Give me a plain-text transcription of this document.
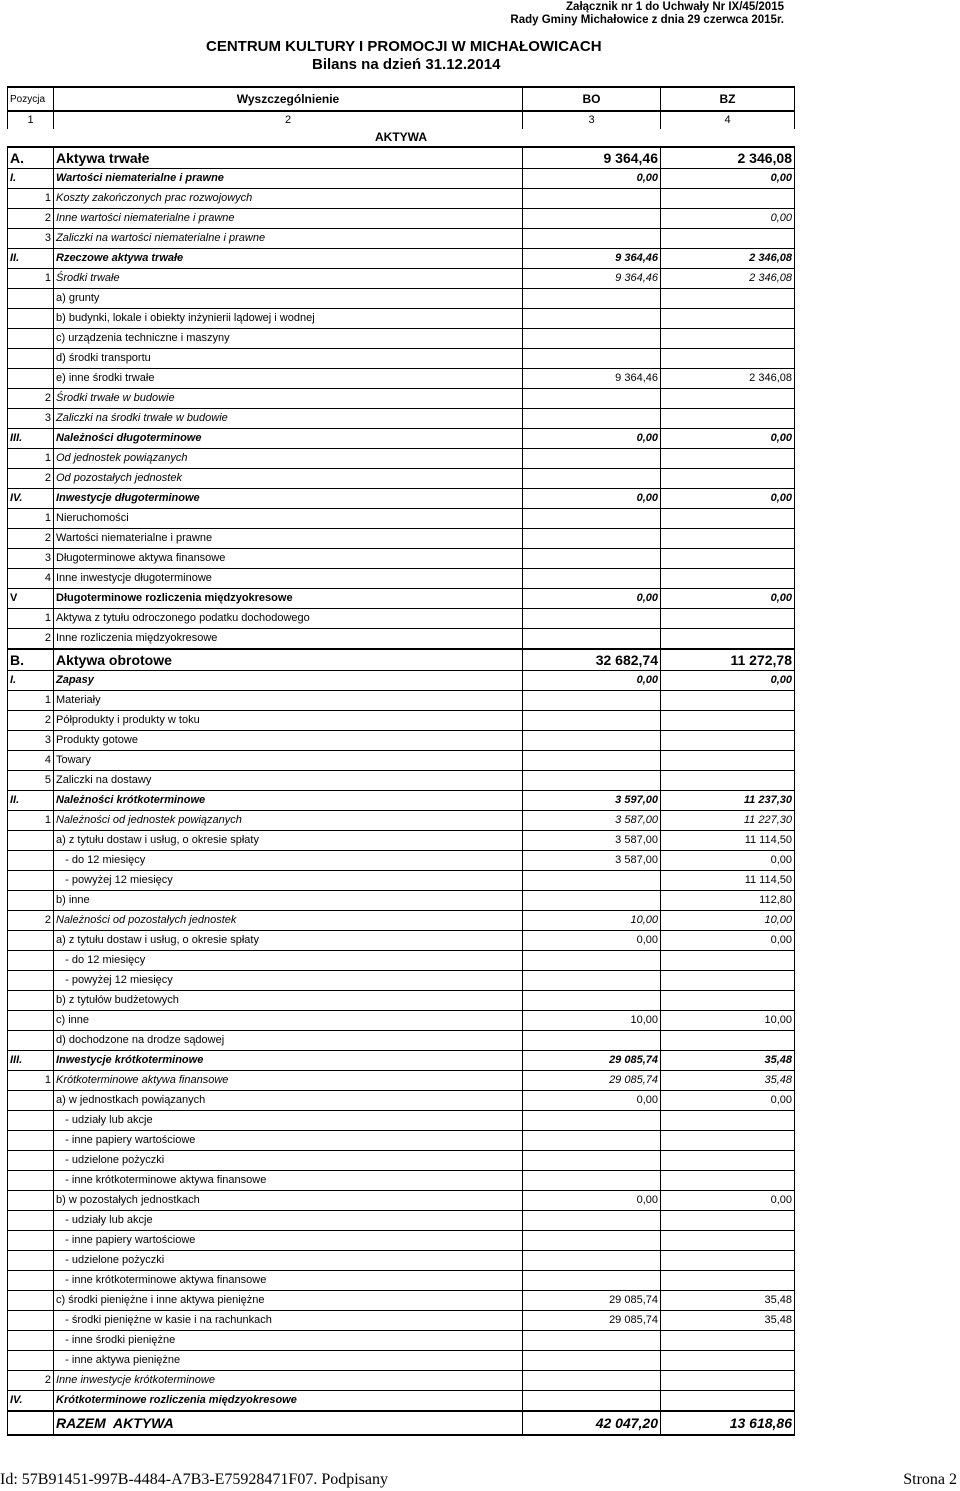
Załącznik nr 1 do Uchwały Nr IX/45/2015
Rady Gminy Michałowice z dnia 29 czerwca 2015r.
CENTRUM KULTURY I PROMOCJI W MICHAŁOWICACH
Bilans na dzień 31.12.2014
Pozycja	Wyszczególnienie	BO	BZ
1	2	3	4
AKTYWA			
A.	Aktywa trwałe	9 364,46	2 346,08
I.	Wartości niematerialne i prawne	0,00	0,00
1	Koszty zakończonych prac rozwojowych		
2	Inne wartości niematerialne i prawne		0,00
3	Zaliczki na wartości niematerialne i prawne		
II.	Rzeczowe aktywa trwałe	9 364,46	2 346,08
1	Środki trwałe	9 364,46	2 346,08
	a) grunty		
	b) budynki, lokale i obiekty inżynierii lądowej i wodnej		
	c) urządzenia techniczne i maszyny		
	d) środki transportu		
	e) inne środki trwałe	9 364,46	2 346,08
2	Środki trwałe w budowie		
3	Zaliczki na środki trwałe w budowie		
III.	Należności długoterminowe	0,00	0,00
1	Od jednostek powiązanych		
2	Od pozostałych jednostek		
IV.	Inwestycje długoterminowe	0,00	0,00
1	Nieruchomości		
2	Wartości niematerialne i prawne		
3	Długoterminowe aktywa finansowe		
4	Inne inwestycje długoterminowe		
V	Długoterminowe rozliczenia międzyokresowe	0,00	0,00
1	Aktywa z tytułu odroczonego podatku dochodowego		
2	Inne rozliczenia międzyokresowe		
B.	Aktywa obrotowe	32 682,74	11 272,78
I.	Zapasy	0,00	0,00
1	Materiały		
2	Półprodukty i produkty w toku		
3	Produkty gotowe		
4	Towary		
5	Zaliczki na dostawy		
II.	Należności krótkoterminowe	3 597,00	11 237,30
1	Należności od jednostek powiązanych	3 587,00	11 227,30
	a) z tytułu dostaw i usług, o okresie spłaty	3 587,00	11 114,50
	- do 12 miesięcy	3 587,00	0,00
	- powyżej 12 miesięcy		11 114,50
	b) inne		112,80
2	Należności od pozostałych jednostek	10,00	10,00
	a) z tytułu dostaw i usług, o okresie spłaty	0,00	0,00
	- do 12 miesięcy		
	- powyżej 12 miesięcy		
	b) z tytułów budżetowych		
	c) inne	10,00	10,00
	d) dochodzone na drodze sądowej		
III.	Inwestycje krótkoterminowe	29 085,74	35,48
1	Krótkoterminowe aktywa finansowe	29 085,74	35,48
	a) w jednostkach powiązanych	0,00	0,00
	- udziały lub akcje		
	- inne papiery wartościowe		
	- udzielone pożyczki		
	- inne krótkoterminowe aktywa finansowe		
	b) w pozostałych jednostkach	0,00	0,00
	- udziały lub akcje		
	- inne papiery wartościowe		
	- udzielone pożyczki		
	- inne krótkoterminowe aktywa finansowe		
	c) środki pieniężne i inne aktywa pieniężne	29 085,74	35,48
	- środki pieniężne w kasie i na rachunkach	29 085,74	35,48
	- inne środki pieniężne		
	- inne aktywa pieniężne		
2	Inne inwestycje krótkoterminowe		
IV.	Krótkoterminowe rozliczenia międzyokresowe		
	RAZEM  AKTYWA	42 047,20	13 618,86
Id: 57B91451-997B-4484-A7B3-E75928471F07. Podpisany	Strona 2
